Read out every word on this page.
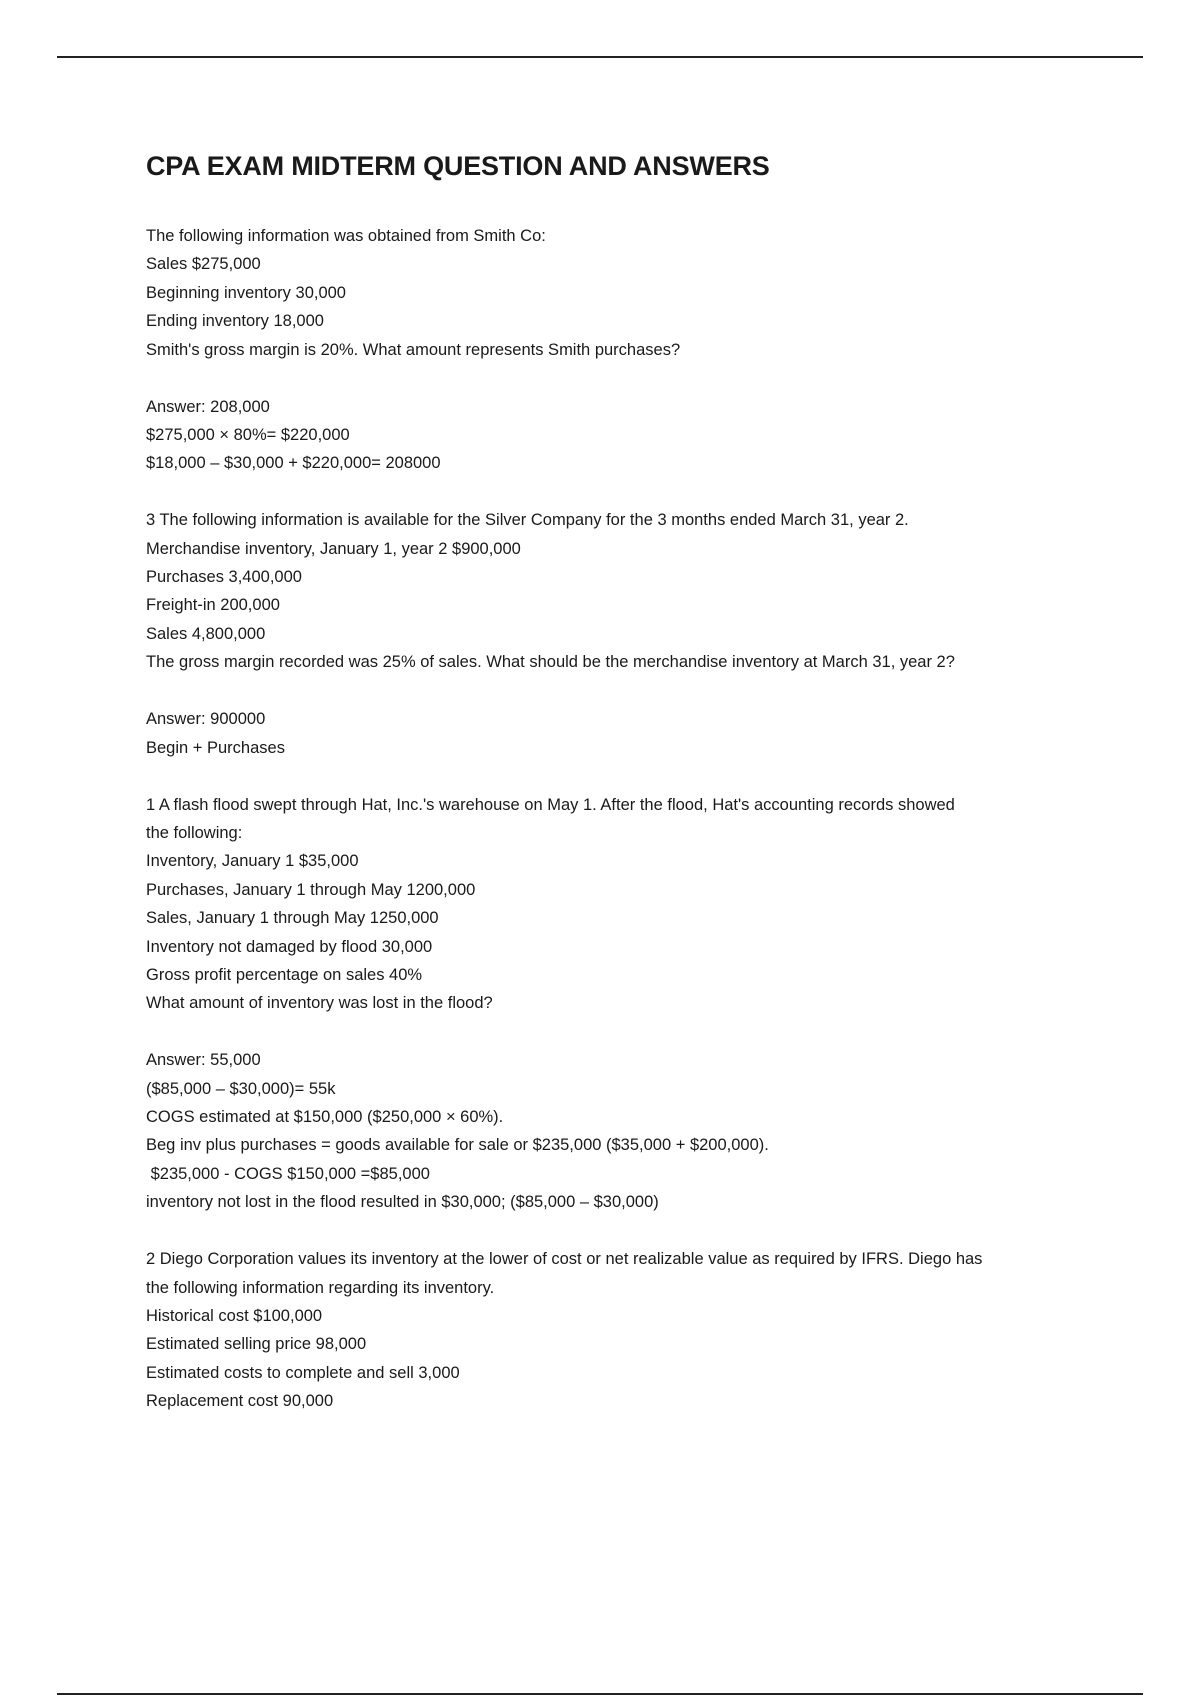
CPA EXAM MIDTERM QUESTION AND ANSWERS
The following information was obtained from Smith Co:
Sales $275,000
Beginning inventory 30,000
Ending inventory 18,000
Smith's gross margin is 20%. What amount represents Smith purchases?
Answer: 208,000
$275,000 × 80%= $220,000
$18,000 – $30,000 + $220,000= 208000
3 The following information is available for the Silver Company for the 3 months ended March 31, year 2.
Merchandise inventory, January 1, year 2 $900,000
Purchases 3,400,000
Freight-in 200,000
Sales 4,800,000
The gross margin recorded was 25% of sales. What should be the merchandise inventory at March 31, year 2?
Answer: 900000
Begin + Purchases
1 A flash flood swept through Hat, Inc.'s warehouse on May 1. After the flood, Hat's accounting records showed
the following:
Inventory, January 1 $35,000
Purchases, January 1 through May 1200,000
Sales, January 1 through May 1250,000
Inventory not damaged by flood 30,000
Gross profit percentage on sales 40%
What amount of inventory was lost in the flood?
Answer: 55,000
($85,000 – $30,000)= 55k
COGS estimated at $150,000 ($250,000 × 60%).
Beg inv plus purchases = goods available for sale or $235,000 ($35,000 + $200,000).
$235,000 - COGS $150,000 =$85,000
inventory not lost in the flood resulted in $30,000; ($85,000 – $30,000)
2 Diego Corporation values its inventory at the lower of cost or net realizable value as required by IFRS. Diego has
the following information regarding its inventory.
Historical cost $100,000
Estimated selling price 98,000
Estimated costs to complete and sell 3,000
Replacement cost 90,000
